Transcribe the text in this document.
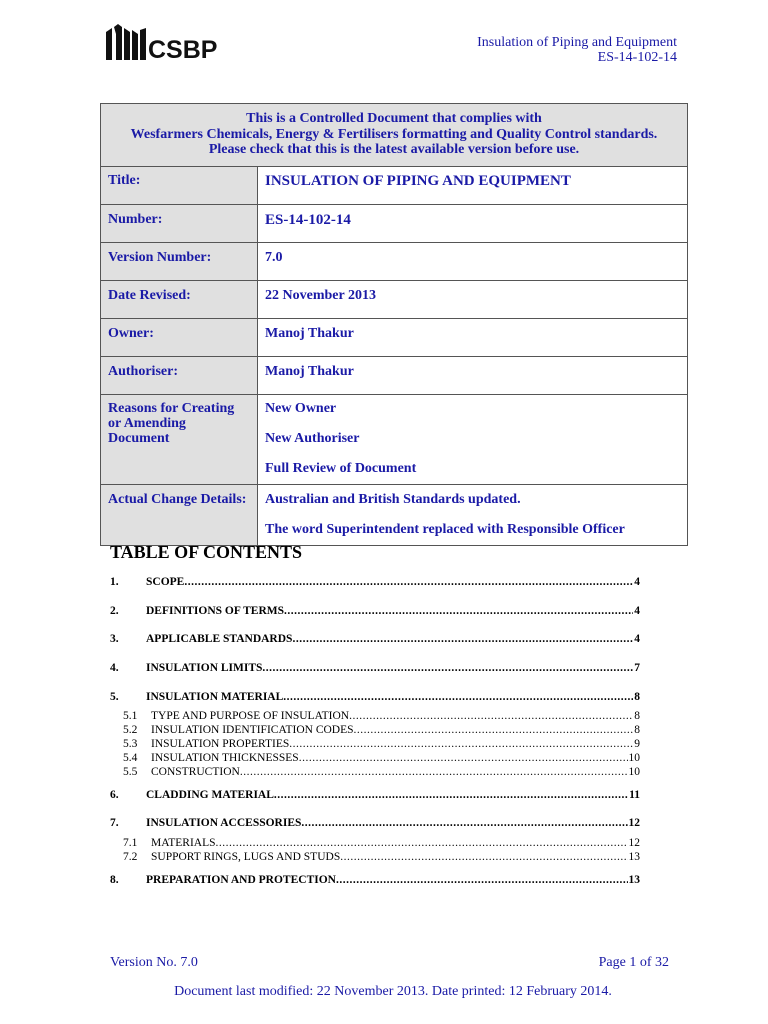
CSBP	Insulation of Piping and Equipment
ES-14-102-14
This is a Controlled Document that complies with
Wesfarmers Chemicals, Energy & Fertilisers formatting and Quality Control standards.
Please check that this is the latest available version before use.	

Title:	INSULATION OF PIPING AND EQUIPMENT
Number:	ES-14-102-14
Version Number:	7.0
Date Revised:	22 November 2013
Owner:	Manoj Thakur
Authoriser:	Manoj Thakur
Reasons for Creating or Amending Document	New Owner
New Authoriser
Full Review of Document

Actual Change Details:	Australian and British Standards updated.
The word Superintendent replaced with Responsible Officer
TABLE OF CONTENTS
1.	SCOPE .....	4
2.	DEFINITIONS OF TERMS .....	4
3.	APPLICABLE STANDARDS .....	4
4.	INSULATION LIMITS .....	7
5.	INSULATION MATERIAL .....	8
5.1	TYPE AND PURPOSE OF INSULATION .....	8
5.2	INSULATION IDENTIFICATION CODES .....	8
5.3	INSULATION PROPERTIES .....	9
5.4	INSULATION THICKNESSES .....	10
5.5	CONSTRUCTION .....	10
6.	CLADDING MATERIAL .....	11
7.	INSULATION ACCESSORIES .....	12
7.1	MATERIALS .....	12
7.2	SUPPORT RINGS, LUGS AND STUDS .....	13
8.	PREPARATION AND PROTECTION .....	13
Version No. 7.0	Page 1 of 32
Document last modified: 22 November 2013. Date printed: 12 February 2014.
